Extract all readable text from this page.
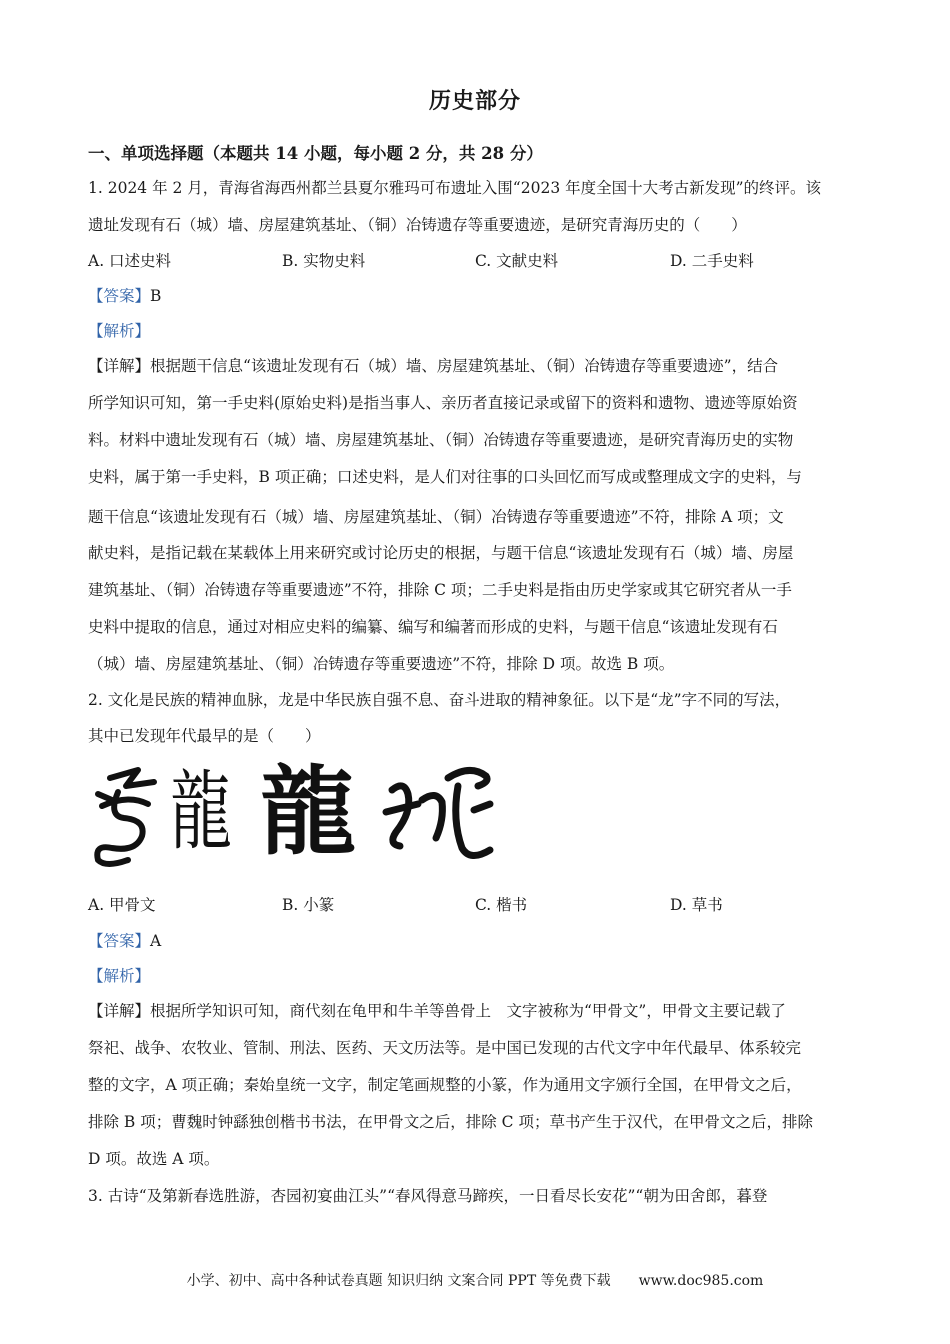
历史部分
一、单项选择题（本题共 14 小题，每小题 2 分，共 28 分）
1. 2024 年 2 月，青海省海西州都兰县夏尔雅玛可布遗址入围“2023 年度全国十大考古新发现”的终评。该
遗址发现有石（城）墙、房屋建筑基址、（铜）冶铸遗存等重要遗迹，是研究青海历史的（　　）
A. 口述史料	B. 实物史料	C. 文献史料	D. 二手史料
【答案】B
【解析】
【详解】根据题干信息“该遗址发现有石（城）墙、房屋建筑基址、（铜）冶铸遗存等重要遗迹”，结合
所学知识可知，第一手史料(原始史料)是指当事人、亲历者直接记录或留下的资料和遗物、遗迹等原始资
料。材料中遗址发现有石（城）墙、房屋建筑基址、（铜）冶铸遗存等重要遗迹，是研究青海历史的实物
史料，属于第一手史料，B 项正确；口述史料，是人们对往事的口头回忆而写成或整理成文字的史料，与
题干信息“该遗址发现有石（城）墙、房屋建筑基址、（铜）冶铸遗存等重要遗迹”不符，排除 A 项；文
献史料，是指记载在某载体上用来研究或讨论历史的根据，与题干信息“该遗址发现有石（城）墙、房屋
建筑基址、（铜）冶铸遗存等重要遗迹”不符，排除 C 项；二手史料是指由历史学家或其它研究者从一手
史料中提取的信息，通过对相应史料的编纂、编写和编著而形成的史料，与题干信息“该遗址发现有石
（城）墙、房屋建筑基址、（铜）冶铸遗存等重要遗迹”不符，排除 D 项。故选 B 项。
2. 文化是民族的精神血脉，龙是中华民族自强不息、奋斗进取的精神象征。以下是“龙”字不同的写法，
其中已发现年代最早的是（　　）
龍 龍
A. 甲骨文	B. 小篆	C. 楷书	D. 草书
【答案】A
【解析】
【详解】根据所学知识可知，商代刻在龟甲和牛羊等兽骨上　文字被称为“甲骨文”，甲骨文主要记载了
祭祀、战争、农牧业、管制、刑法、医药、天文历法等。是中国已发现的古代文字中年代最早、体系较完
整的文字，A 项正确；秦始皇统一文字，制定笔画规整的小篆，作为通用文字颁行全国，在甲骨文之后，
排除 B 项；曹魏时钟繇独创楷书书法，在甲骨文之后，排除 C 项；草书产生于汉代，在甲骨文之后，排除
D 项。故选 A 项。
3. 古诗“及第新春选胜游，杏园初宴曲江头”“春风得意马蹄疾，一日看尽长安花”“朝为田舍郎，暮登
小学、初中、高中各种试卷真题 知识归纳 文案合同 PPT 等免费下载　　www.doc985.com
